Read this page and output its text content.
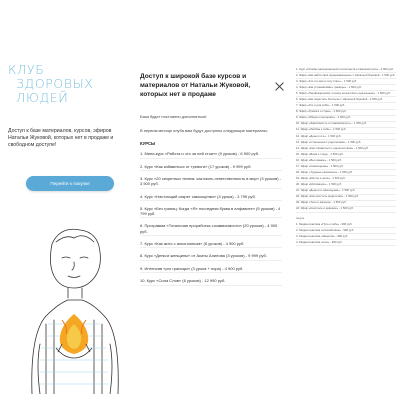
КЛУБ
ЗДОРОВЫХ ЛЮДЕЙ

Доступ к базе материалов, курсов, эфиров Натальи Жуковой, которых нет в продаже и свободном доступе!

Перейти к покупке
Доступ к широкой базе курсов и материалов от Натальи Жуковой, которых нет в продаже

База будет постоянно дополняться!

В первом месяце клуба вам будут доступны следующие материалы:

КУРСЫ
1. Мини-курс «Работа и что за ней стоит» (9 уроков) - 6 900 руб.
2. Курс «Как избавиться от тревоги» (17 уроков) - 9 999 руб.
3. Курс «20 секретных техник: как взять ответственность в мир» (3 уроков) - 3 500 руб.
4. Курс «Настоящий секрет самооценки» (4 урока) - 3 799 руб.
5. Курс «Без границ: Когда «Я» последняя буква в алфавите» (5 уроков) - 4 799 руб.
6. Программа «Тотальная проработка созависимости» (20 уроков) - 4 900 руб.
7. Курс «Как жить с алкоголиком» (8 уроков) - 4 900 руб.
8. Курс «Деньги женщины» от Акаты Алинова (3 уроков) - 9 999 руб.
9. Интенсив «pro границы» (3 урока + нора) - 4 900 руб.
10. Курс «Сила Слов» (6 уроков) - 12 990 руб.
1. Курс «Основы эмоционального интеллекта и самоконтроля» - 2 900 руб.
2. Эфир «Как найти своё предназначение» с Натальей Жуковой - 1 500 руб.
3. Эфир «Кто я и кем я хочу стать» - 1 500 руб.
4. Эфир «Как устанавливать границы» - 1 500 руб.
5. Эфир «Перфекционизм: почему нельзя быть идеальным» - 1 500 руб.
6. Эфир «Как перестать бояться» с Натальей Жуковой - 1 500 руб.
7. Эфир «Кто я для себя» - 1 500 руб.
8. Эфир «Тревога и страх» - 1 500 руб.
9. Эфир «Обида и прощение» - 1 500 руб.
10. Эфир «Зависимость и созависимость» - 1 500 руб.
11. Эфир «Любовь к себе» - 1 500 руб.
12. Эфир «Деньги и я» - 1 500 руб.
13. Эфир «Отношения с родителями» - 1 500 руб.
14. Эфир «Как справиться с одиночеством» - 1 500 руб.
15. Эфир «Вина и стыд» - 1 500 руб.
16. Эфир «Выгорание» - 1 500 руб.
17. Эфир «Самооценка» - 1 500 руб.
18. Эфир «Трудные разговоры» - 1 500 руб.
19. Эфир «Мечты и цели» - 1 500 руб.
20. Эфир «Мотивация» - 1 500 руб.
21. Эфир «Деньги и самооценка» - 1 500 руб.
22. Эфир «Как простить родителей» - 1 500 руб.
23. Эфир «Тело и эмоции» - 1 500 руб.
24. Эфир «Контроль и доверие» - 1 500 руб.
медиа
1. Медиа-практика «Путь к себе» - 990 руб.
2. Медиа-практика «Спокойствие» - 990 руб.
3. Медиа-практика «Энергия» - 990 руб.
4. Медиа-практика «Сон» - 990 руб.
